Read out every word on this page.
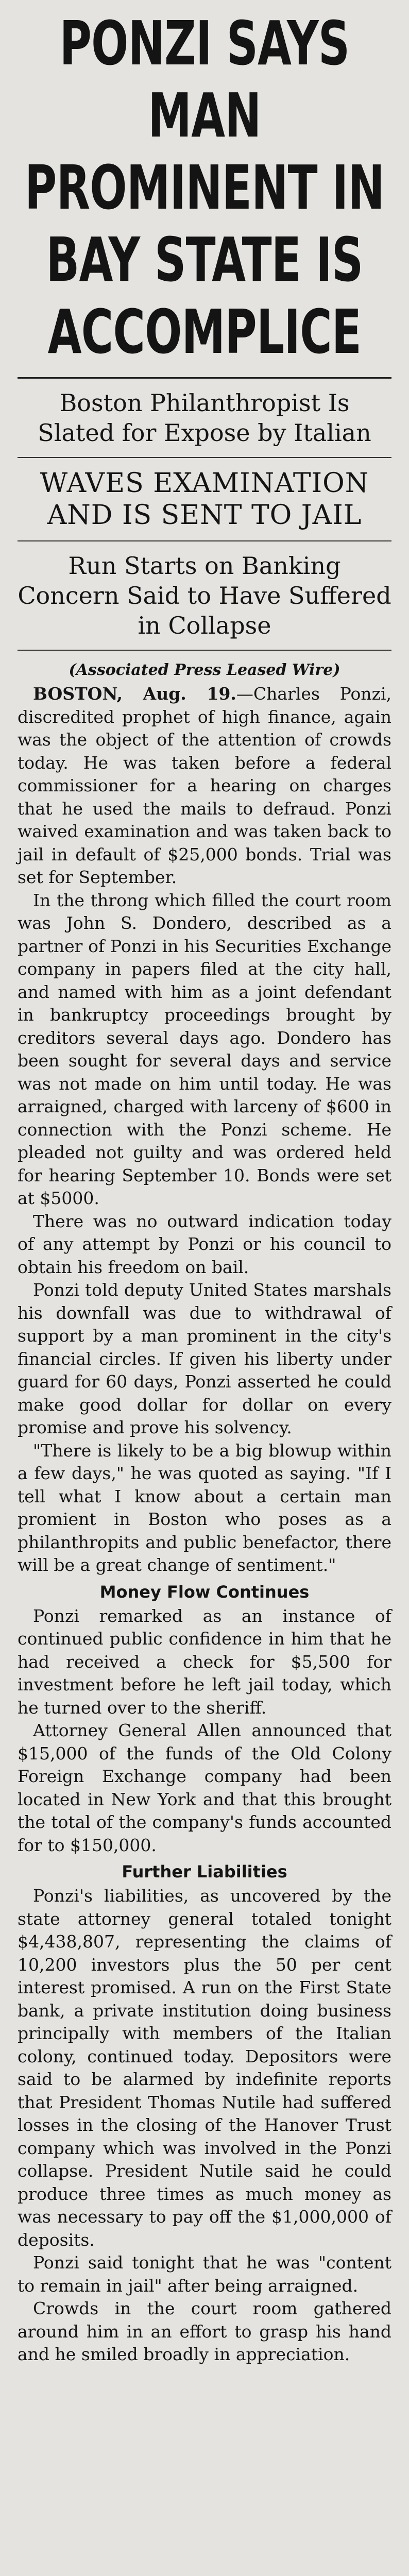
PONZI SAYS MAN PROMINENT IN BAY STATE IS ACCOMPLICE
Boston Philanthropist Is Slated for Expose by Italian
WAVES EXAMINATION AND IS SENT TO JAIL
Run Starts on Banking Concern Said to Have Suffered in Collapse
(Associated Press Leased Wire)

BOSTON, Aug. 19.—Charles Ponzi, discredited prophet of high finance, again was the object of the attention of crowds today. He was taken before a federal commissioner for a hearing on charges that he used the mails to defraud. Ponzi waived examination and was taken back to jail in default of $25,000 bonds. Trial was set for September.

In the throng which filled the court room was John S. Dondero, described as a partner of Ponzi in his Securities Exchange company in papers filed at the city hall, and named with him as a joint defendant in bankruptcy proceedings brought by creditors several days ago. Dondero has been sought for several days and service was not made on him until today. He was arraigned, charged with larceny of $600 in connection with the Ponzi scheme. He pleaded not guilty and was ordered held for hearing September 10. Bonds were set at $5000.

There was no outward indication today of any attempt by Ponzi or his council to obtain his freedom on bail.

Ponzi told deputy United States marshals his downfall was due to withdrawal of support by a man prominent in the city's financial circles. If given his liberty under guard for 60 days, Ponzi asserted he could make good dollar for dollar on every promise and prove his solvency.

"There is likely to be a big blowup within a few days," he was quoted as saying. "If I tell what I know about a certain man promient in Boston who poses as a philanthropits and public benefactor, there will be a great change of sentiment."

Money Flow Continues

Ponzi remarked as an instance of continued public confidence in him that he had received a check for $5,500 for investment before he left jail today, which he turned over to the sheriff.

Attorney General Allen announced that $15,000 of the funds of the Old Colony Foreign Exchange company had been located in New York and that this brought the total of the company's funds accounted for to $150,000.

Further Liabilities

Ponzi's liabilities, as uncovered by the state attorney general totaled tonight $4,438,807, representing the claims of 10,200 investors plus the 50 per cent interest promised. A run on the First State bank, a private institution doing business principally with members of the Italian colony, continued today. Depositors were said to be alarmed by indefinite reports that President Thomas Nutile had suffered losses in the closing of the Hanover Trust company which was involved in the Ponzi collapse. President Nutile said he could produce three times as much money as was necessary to pay off the $1,000,000 of deposits.

Ponzi said tonight that he was "content to remain in jail" after being arraigned.

Crowds in the court room gathered around him in an effort to grasp his hand and he smiled broadly in appreciation.
